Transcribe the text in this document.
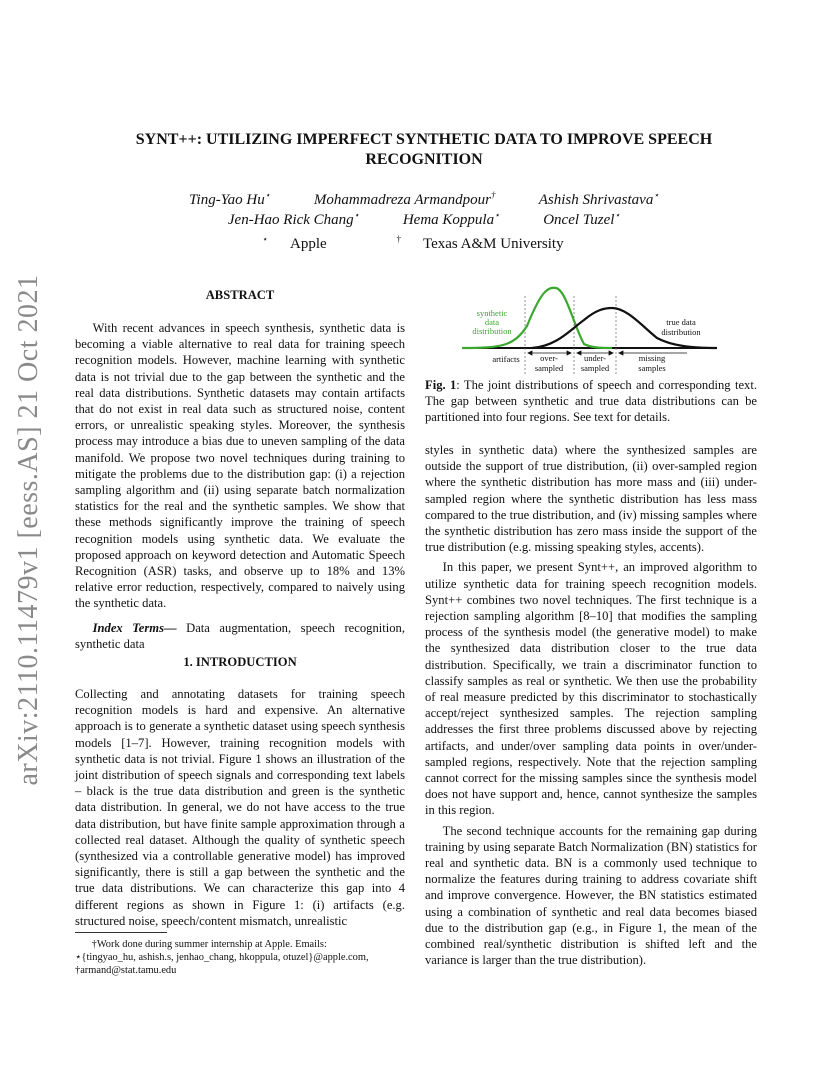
arXiv:2110.11479v1 [eess.AS] 21 Oct 2021
SYNT++: UTILIZING IMPERFECT SYNTHETIC DATA TO IMPROVE SPEECH
RECOGNITION
Ting-Yao Hu⋆	Mohammadreza Armandpour†	Ashish Shrivastava⋆
Jen-Hao Rick Chang⋆	Hema Koppula⋆	Oncel Tuzel⋆
⋆ Apple	† Texas A&M University
ABSTRACT

With recent advances in speech synthesis, synthetic data is becoming a viable alternative to real data for training speech recognition models. However, machine learning with synthetic data is not trivial due to the gap between the synthetic and the real data distributions. Synthetic datasets may contain artifacts that do not exist in real data such as structured noise, content errors, or unrealistic speaking styles. Moreover, the synthesis process may introduce a bias due to uneven sampling of the data manifold. We propose two novel techniques during training to mitigate the problems due to the distribution gap: (i) a rejection sampling algorithm and (ii) using separate batch normalization statistics for the real and the synthetic samples. We show that these methods significantly improve the training of speech recognition models using synthetic data. We evaluate the proposed approach on keyword detection and Automatic Speech Recognition (ASR) tasks, and observe up to 18% and 13% relative error reduction, respectively, compared to naively using the synthetic data.

Index Terms— Data augmentation, speech recognition, synthetic data

1. INTRODUCTION

Collecting and annotating datasets for training speech recognition models is hard and expensive. An alternative approach is to generate a synthetic dataset using speech synthesis models [1–7]. However, training recognition models with synthetic data is not trivial. Figure 1 shows an illustration of the joint distribution of speech signals and corresponding text labels – black is the true data distribution and green is the synthetic data distribution. In general, we do not have access to the true data distribution, but have finite sample approximation through a collected real dataset. Although the quality of synthetic speech (synthesized via a controllable generative model) has improved significantly, there is still a gap between the synthetic and the true data distributions. We can characterize this gap into 4 different regions as shown in Figure 1: (i) artifacts (e.g. structured noise, speech/content mismatch, unrealistic

†Work done during summer internship at Apple. Emails:

⋆{tingyao_hu, ashish.s, jenhao_chang, hkoppula, otuzel}@apple.com,

†armand@stat.tamu.edu

synthetic
data
distribution
true data
distribution
artifacts over-
sampled
under-
sampled
missing
samples
Fig. 1: The joint distributions of speech and corresponding text. The gap between synthetic and true data distributions can be partitioned into four regions. See text for details.

styles in synthetic data) where the synthesized samples are outside the support of true distribution, (ii) over-sampled region where the synthetic distribution has more mass and (iii) under-sampled region where the synthetic distribution has less mass compared to the true distribution, and (iv) missing samples where the synthetic distribution has zero mass inside the support of the true distribution (e.g. missing speaking styles, accents).

In this paper, we present Synt++, an improved algorithm to utilize synthetic data for training speech recognition models. Synt++ combines two novel techniques. The first technique is a rejection sampling algorithm [8–10] that modifies the sampling process of the synthesis model (the generative model) to make the synthesized data distribution closer to the true data distribution. Specifically, we train a discriminator function to classify samples as real or synthetic. We then use the probability of real measure predicted by this discriminator to stochastically accept/reject synthesized samples. The rejection sampling addresses the first three problems discussed above by rejecting artifacts, and under/over sampling data points in over/under-sampled regions, respectively. Note that the rejection sampling cannot correct for the missing samples since the synthesis model does not have support and, hence, cannot synthesize the samples in this region.

The second technique accounts for the remaining gap during training by using separate Batch Normalization (BN) statistics for real and synthetic data. BN is a commonly used technique to normalize the features during training to address covariate shift and improve convergence. However, the BN statistics estimated using a combination of synthetic and real data becomes biased due to the distribution gap (e.g., in Figure 1, the mean of the combined real/synthetic distribution is shifted left and the variance is larger than the true distribution).
